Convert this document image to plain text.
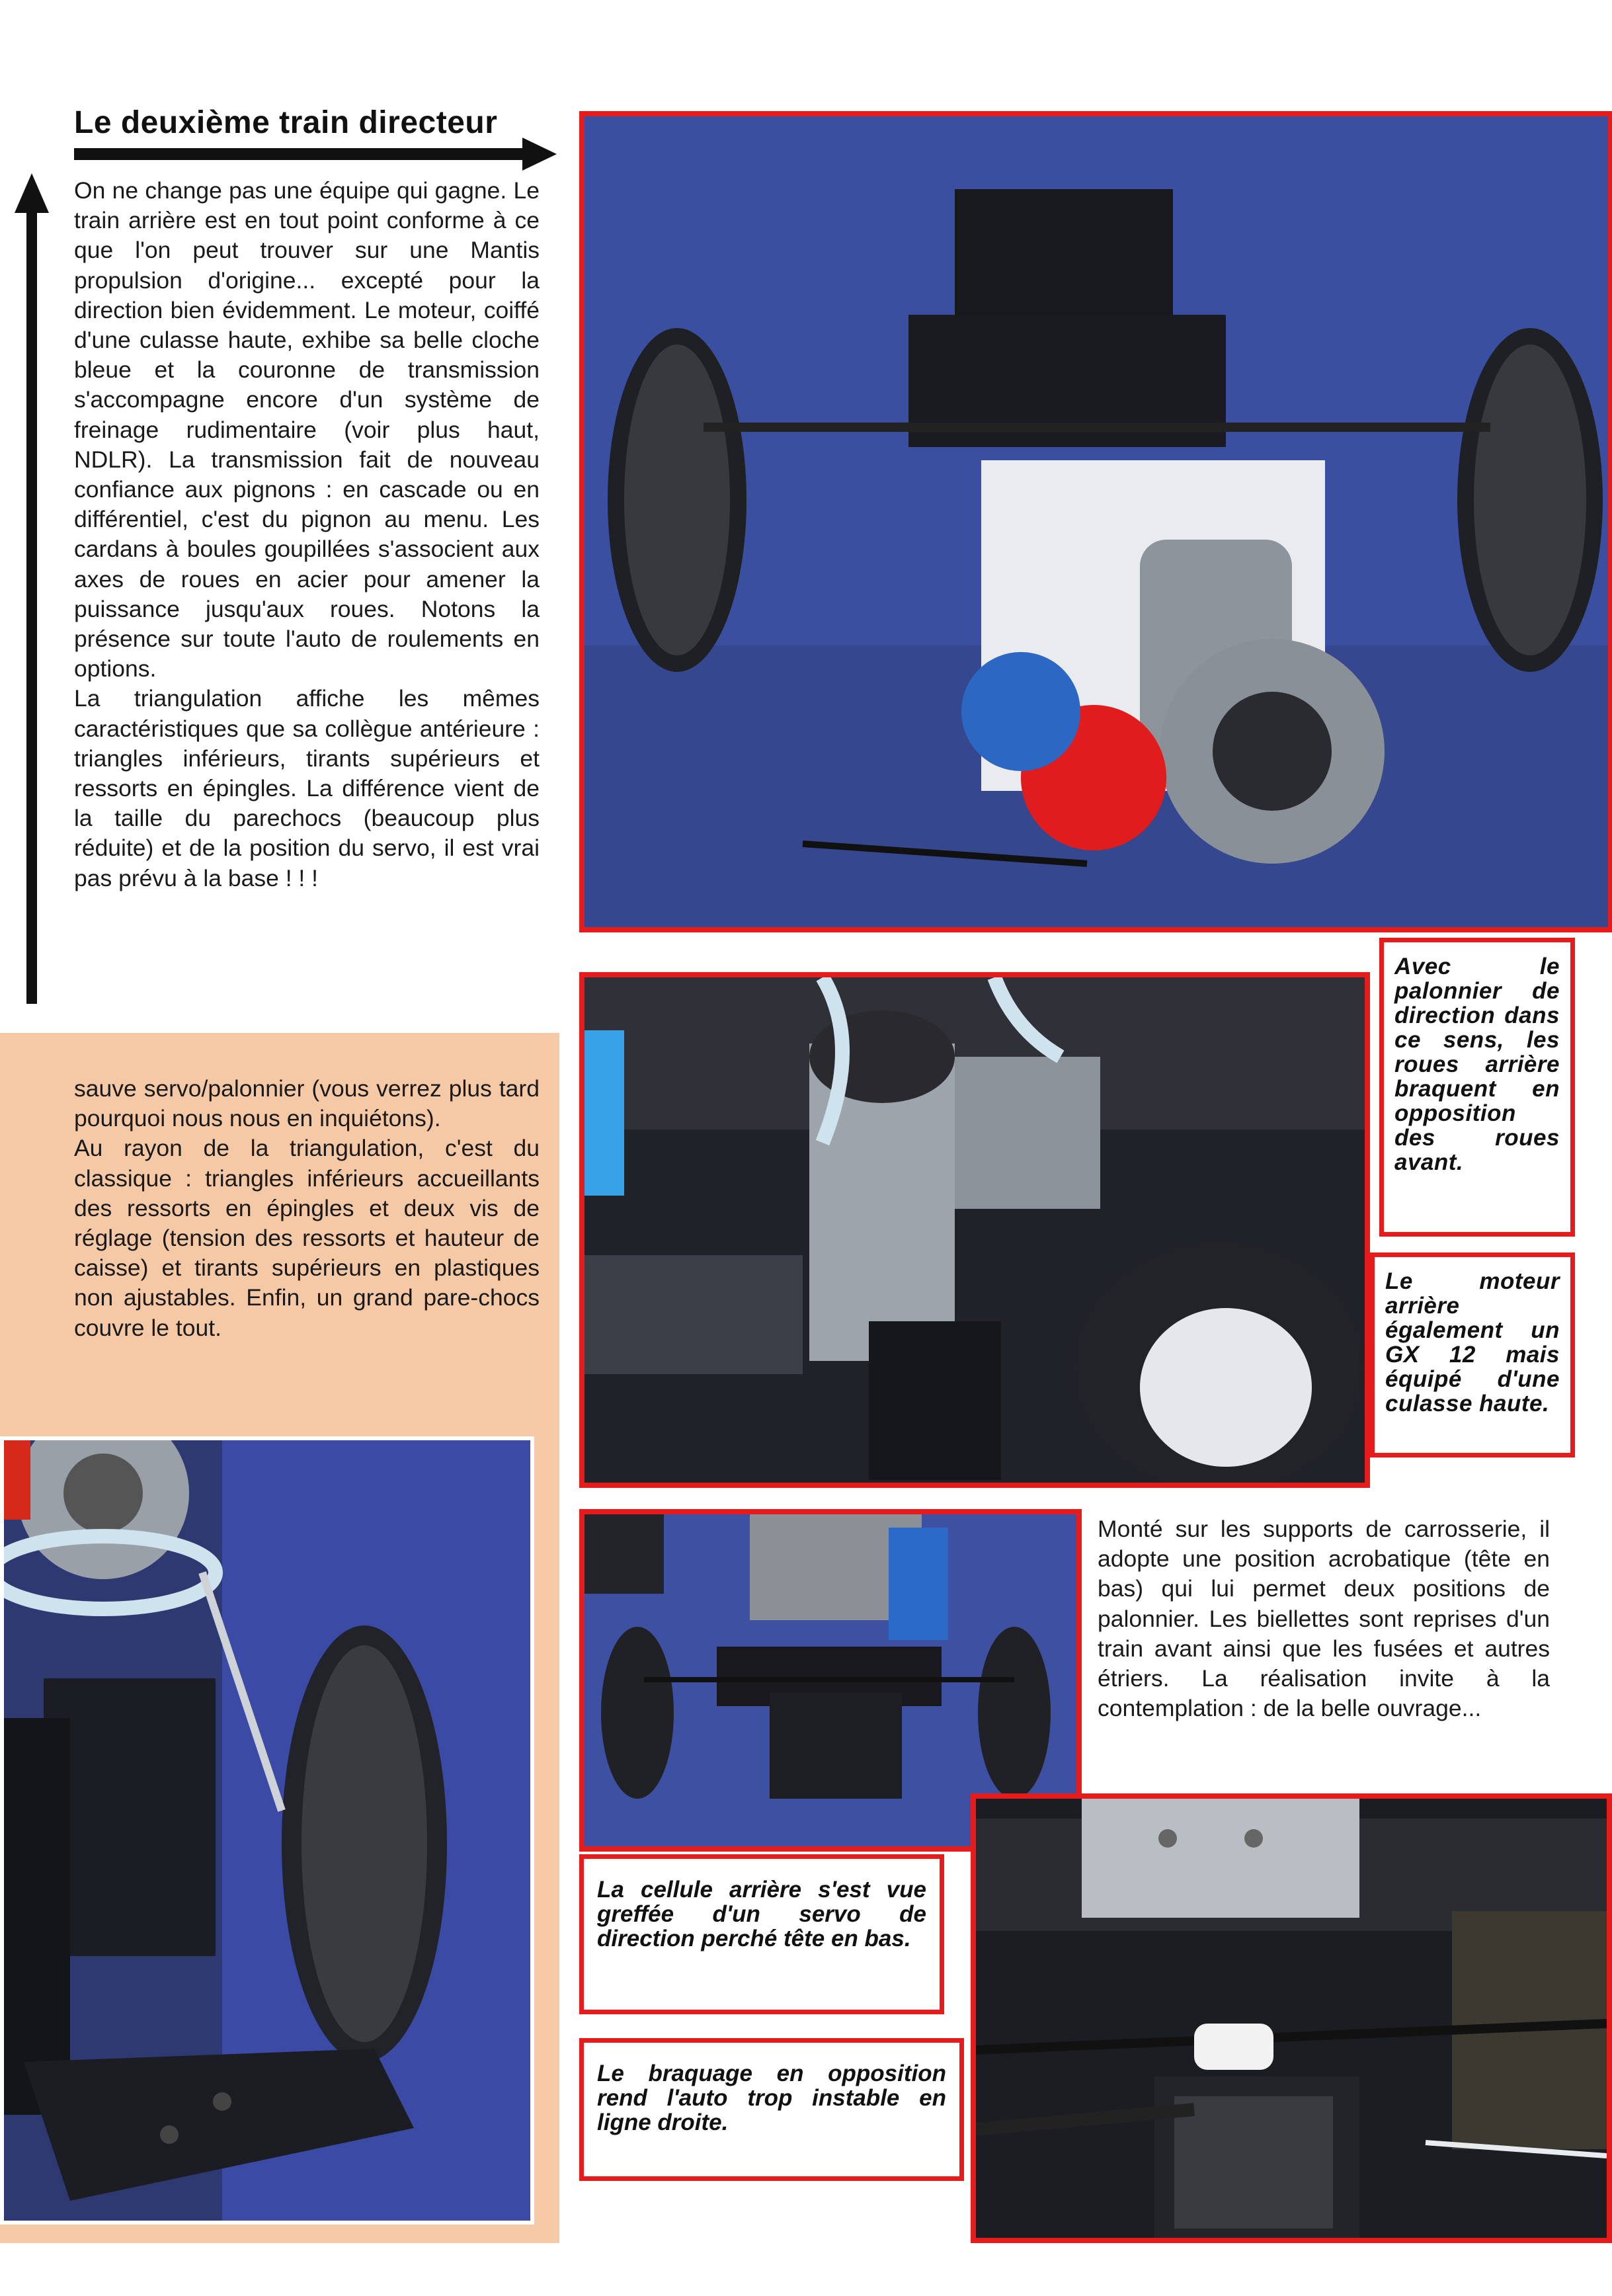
Le deuxième train directeur

On ne change pas une équipe qui gagne. Le train arrière est en tout point conforme à ce que l'on peut trouver sur une Mantis propulsion d'origine... excepté pour la direction bien évidemment. Le moteur, coiffé d'une culasse haute, exhibe sa belle cloche bleue et la couronne de transmission s'accompagne encore d'un système de freinage rudimentaire (voir plus haut, NDLR). La transmission fait de nouveau confiance aux pignons : en cascade ou en différentiel, c'est du pignon au menu. Les cardans à boules goupillées s'associent aux axes de roues en acier pour amener la puissance jusqu'aux roues. Notons la présence sur toute l'auto de roulements en options.

La triangulation affiche les mêmes caractéristiques que sa collègue antérieure : triangles inférieurs, tirants supérieurs et ressorts en épingles. La différence vient de la taille du parechocs (beaucoup plus réduite) et de la position du servo, il est vrai pas prévu à la base ! ! !

sauve servo/palonnier (vous verrez plus tard pourquoi nous nous en inquiétons).

Au rayon de la triangulation, c'est du classique : triangles inférieurs accueillants des ressorts en épingles et deux vis de réglage (tension des ressorts et hauteur de caisse) et tirants supérieurs en plastiques non ajustables. Enfin, un grand pare-chocs couvre le tout.

Avec le palonnier de direction dans ce sens, les roues arrière braquent en opposition des roues avant.
Le moteur arrière également un GX 12 mais équipé d'une culasse haute.

Monté sur les supports de carrosserie, il adopte une position acrobatique (tête en bas) qui lui permet deux positions de palonnier. Les biellettes sont reprises d'un train avant ainsi que les fusées et autres étriers. La réalisation invite à la contemplation : de la belle ouvrage...

La cellule arrière s'est vue greffée d'un servo de direction perché tête en bas.
Le braquage en opposition rend l'auto trop instable en ligne droite.
